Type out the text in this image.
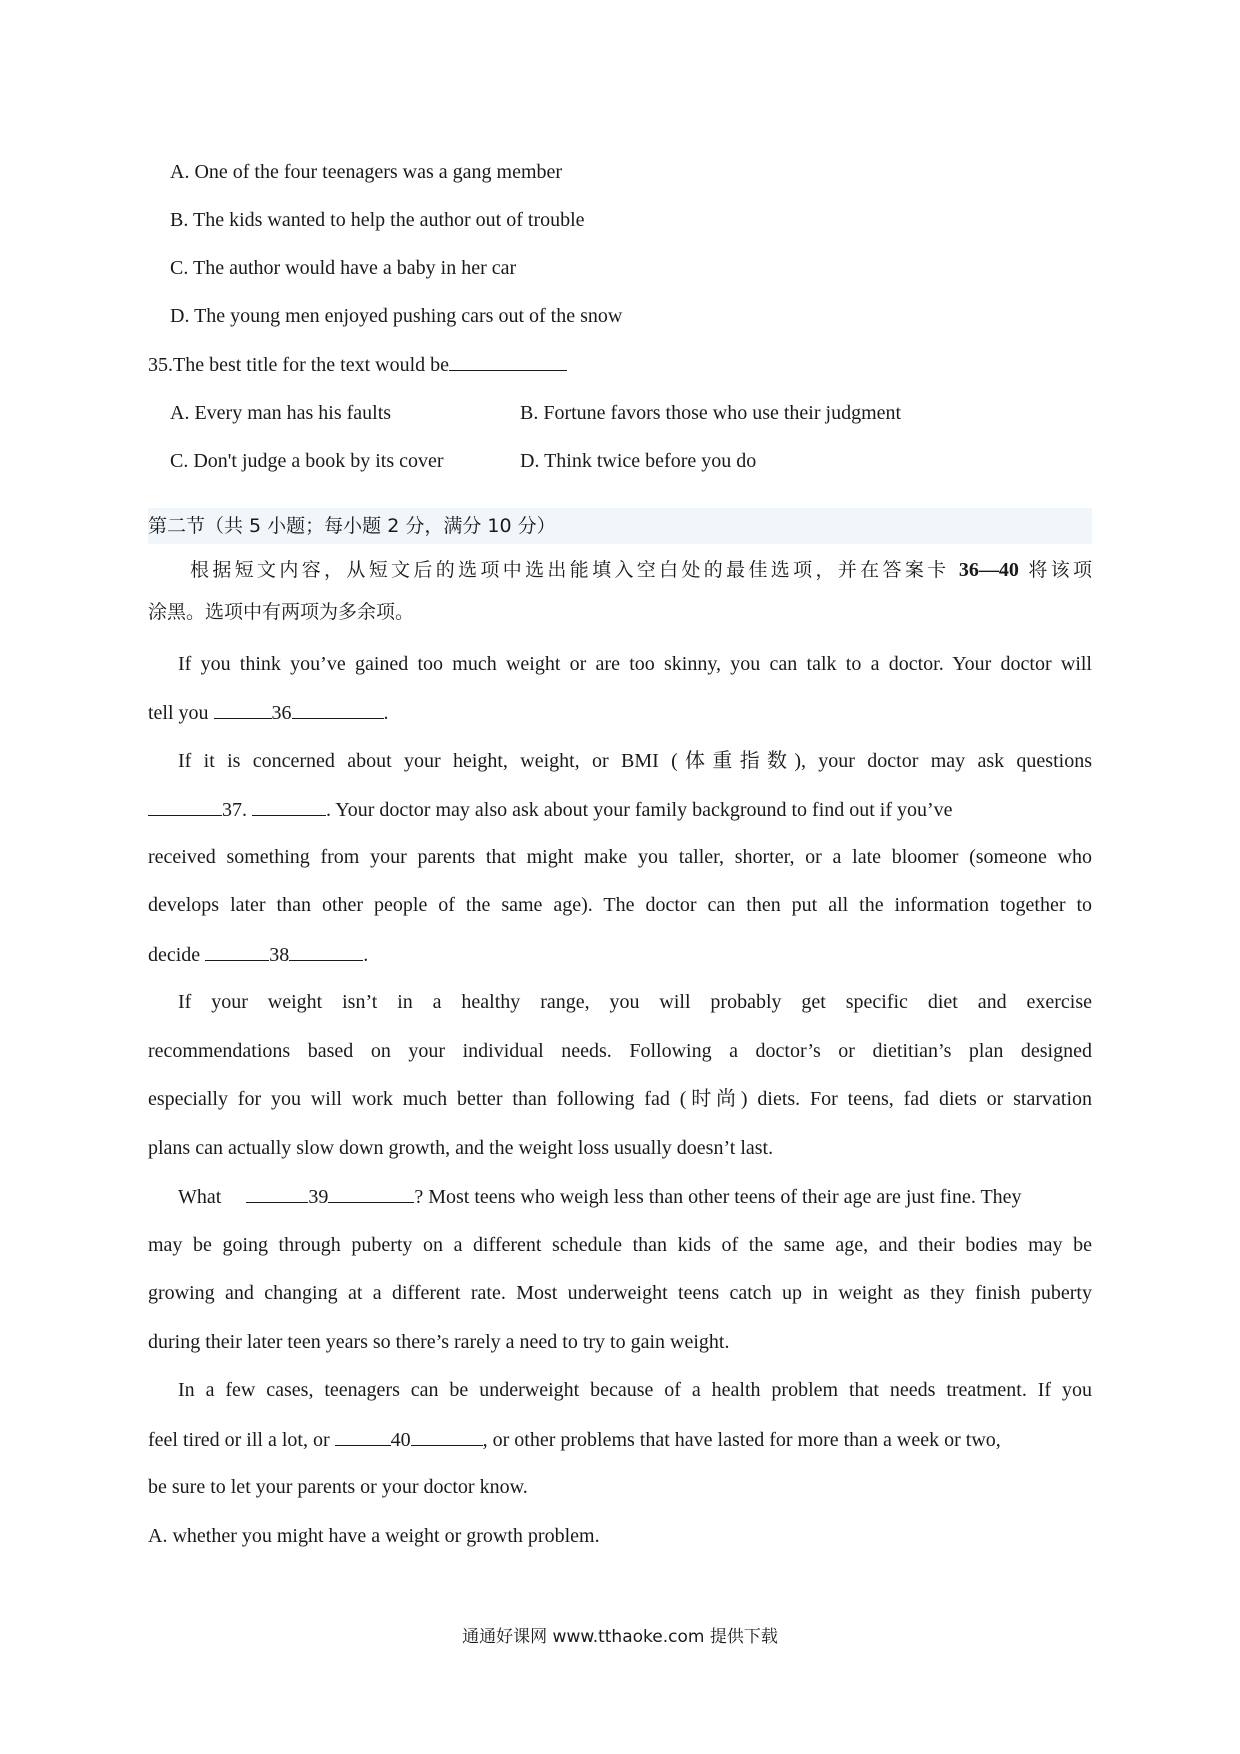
A. One of the four teenagers was a gang member
B. The kids wanted to help the author out of trouble
C. The author would have a baby in her car
D. The young men enjoyed pushing cars out of the snow
35.The best title for the text would be
A. Every man has his faults	B. Fortune favors those who use their judgment
C. Don't judge a book by its cover	D. Think twice before you do
第二节（共 5 小题；每小题 2 分，满分 10 分）
根据短文内容，从短文后的选项中选出能填入空白处的最佳选项，并在答案卡 36—40 将该项
涂黑。选项中有两项为多余项。
If you think you’ve gained too much weight or are too skinny, you can talk to a doctor. Your doctor will
tell you	36	.
If it is concerned about your height, weight, or BMI (体重指数), your doctor may ask questions
37.	. Your doctor may also ask about your family background to find out if you’ve
received something from your parents that might make you taller, shorter, or a late bloomer (someone who
develops later than other people of the same age). The doctor can then put all the information together to
decide	38	.
If your weight isn’t in a healthy range, you will probably get specific diet and exercise
recommendations based on your individual needs. Following a doctor’s or dietitian’s plan designed
especially for you will work much better than following fad (时尚) diets. For teens, fad diets or starvation
plans can actually slow down growth, and the weight loss usually doesn’t last.
What	39	? Most teens who weigh less than other teens of their age are just fine. They
may be going through puberty on a different schedule than kids of the same age, and their bodies may be
growing and changing at a different rate. Most underweight teens catch up in weight as they finish puberty
during their later teen years so there’s rarely a need to try to gain weight.
In a few cases, teenagers can be underweight because of a health problem that needs treatment. If you
feel tired or ill a lot, or	40	, or other problems that have lasted for more than a week or two,
be sure to let your parents or your doctor know.
A. whether you might have a weight or growth problem.
通通好课网 www.tthaoke.com 提供下载
